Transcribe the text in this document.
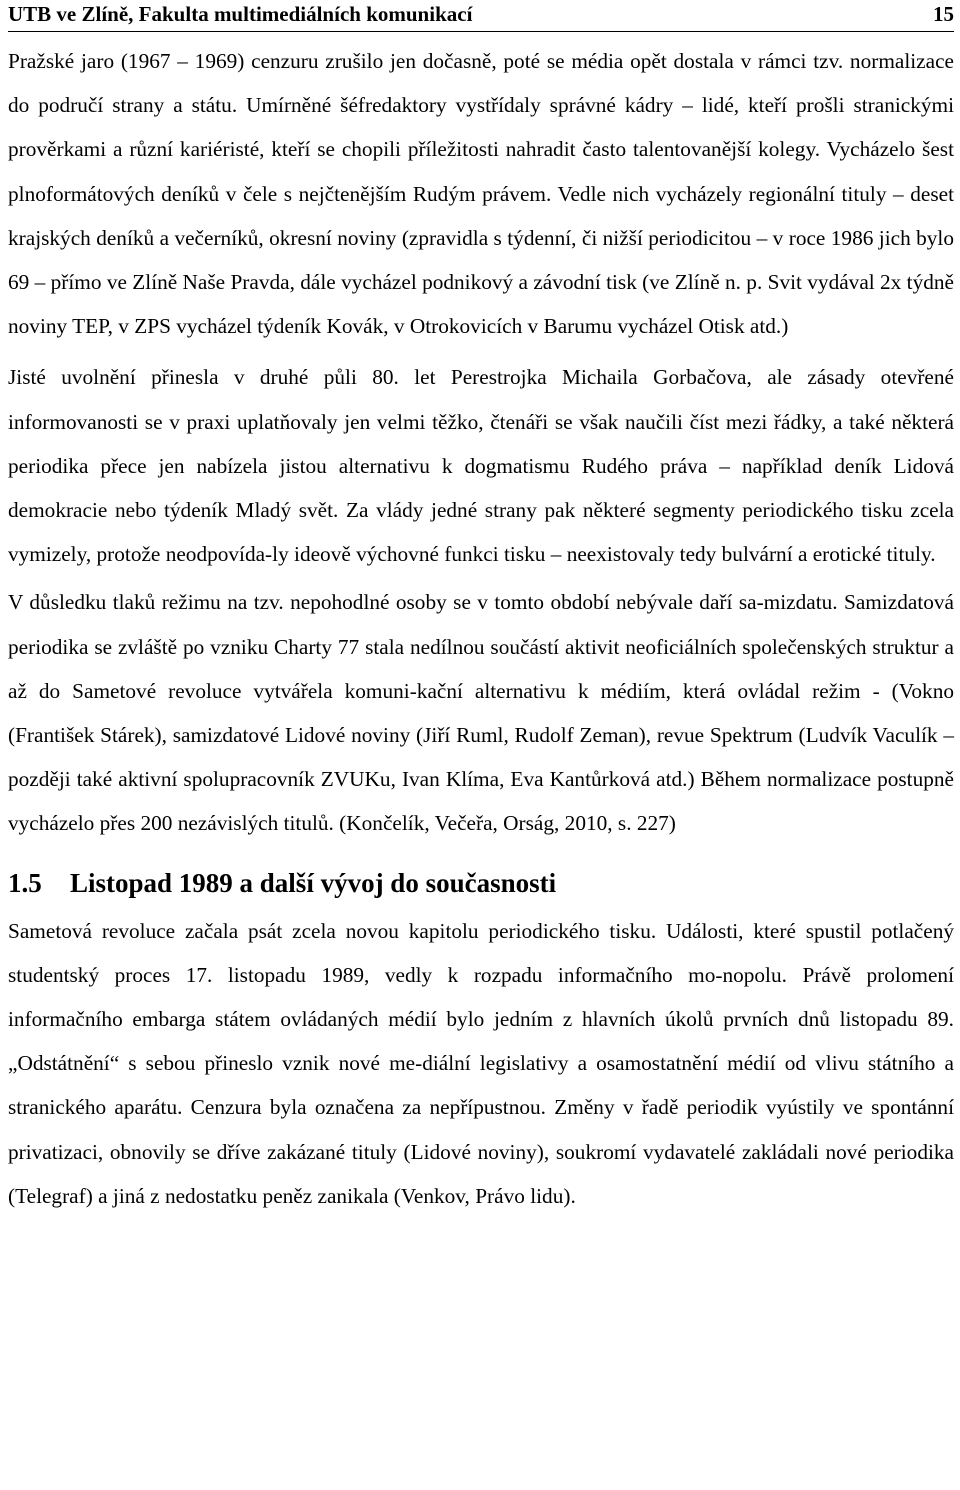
UTB ve Zlíně, Fakulta multimediálních komunikací	15

Pražské jaro (1967 – 1969) cenzuru zrušilo jen dočasně, poté se média opět dostala v rámci tzv. normalizace do područí strany a státu. Umírněné šéfredaktory vystřídaly správné kádry – lidé, kteří prošli stranickými prověrkami a různí kariéristé, kteří se chopili příležitosti nahradit často talentovanější kolegy. Vycházelo šest plnoformátových deníků v čele s nejčtenějším Rudým právem. Vedle nich vycházely regionální tituly – deset krajských deníků a večerníků, okresní noviny (zpravidla s týdenní, či nižší periodicitou – v roce 1986 jich bylo 69 – přímo ve Zlíně Naše Pravda, dále vycházel podnikový a závodní tisk (ve Zlíně n. p. Svit vydával 2x týdně noviny TEP, v ZPS vycházel týdeník Kovák, v Otrokovicích v Barumu vycházel Otisk atd.)

Jisté uvolnění přinesla v druhé půli 80. let Perestrojka Michaila Gorbačova, ale zásady otevřené informovanosti se v praxi uplatňovaly jen velmi těžko, čtenáři se však naučili číst mezi řádky, a také některá periodika přece jen nabízela jistou alternativu k dogmatismu Rudého práva – například deník Lidová demokracie nebo týdeník Mladý svět. Za vlády jedné strany pak některé segmenty periodického tisku zcela vymizely, protože neodpovída-ly ideově výchovné funkci tisku – neexistovaly tedy bulvární a erotické tituly.

V důsledku tlaků režimu na tzv. nepohodlné osoby se v tomto období nebývale daří sa-mizdatu. Samizdatová periodika se zvláště po vzniku Charty 77 stala nedílnou součástí aktivit neoficiálních společenských struktur a až do Sametové revoluce vytvářela komuni-kační alternativu k médiím, která ovládal režim - (Vokno (František Stárek), samizdatové Lidové noviny (Jiří Ruml, Rudolf Zeman), revue Spektrum (Ludvík Vaculík – později také aktivní spolupracovník ZVUKu, Ivan Klíma, Eva Kantůrková atd.) Během normalizace postupně vycházelo přes 200 nezávislých titulů. (Končelík, Večeřa, Orság, 2010, s. 227)

1.5 Listopad 1989 a další vývoj do současnosti

Sametová revoluce začala psát zcela novou kapitolu periodického tisku. Události, které spustil potlačený studentský proces 17. listopadu 1989, vedly k rozpadu informačního mo-nopolu. Právě prolomení informačního embarga státem ovládaných médií bylo jedním z hlavních úkolů prvních dnů listopadu 89. „Odstátnění“ s sebou přineslo vznik nové me-diální legislativy a osamostatnění médií od vlivu státního a stranického aparátu. Cenzura byla označena za nepřípustnou. Změny v řadě periodik vyústily ve spontánní privatizaci, obnovily se dříve zakázané tituly (Lidové noviny), soukromí vydavatelé zakládali nové periodika (Telegraf) a jiná z nedostatku peněz zanikala (Venkov, Právo lidu).
